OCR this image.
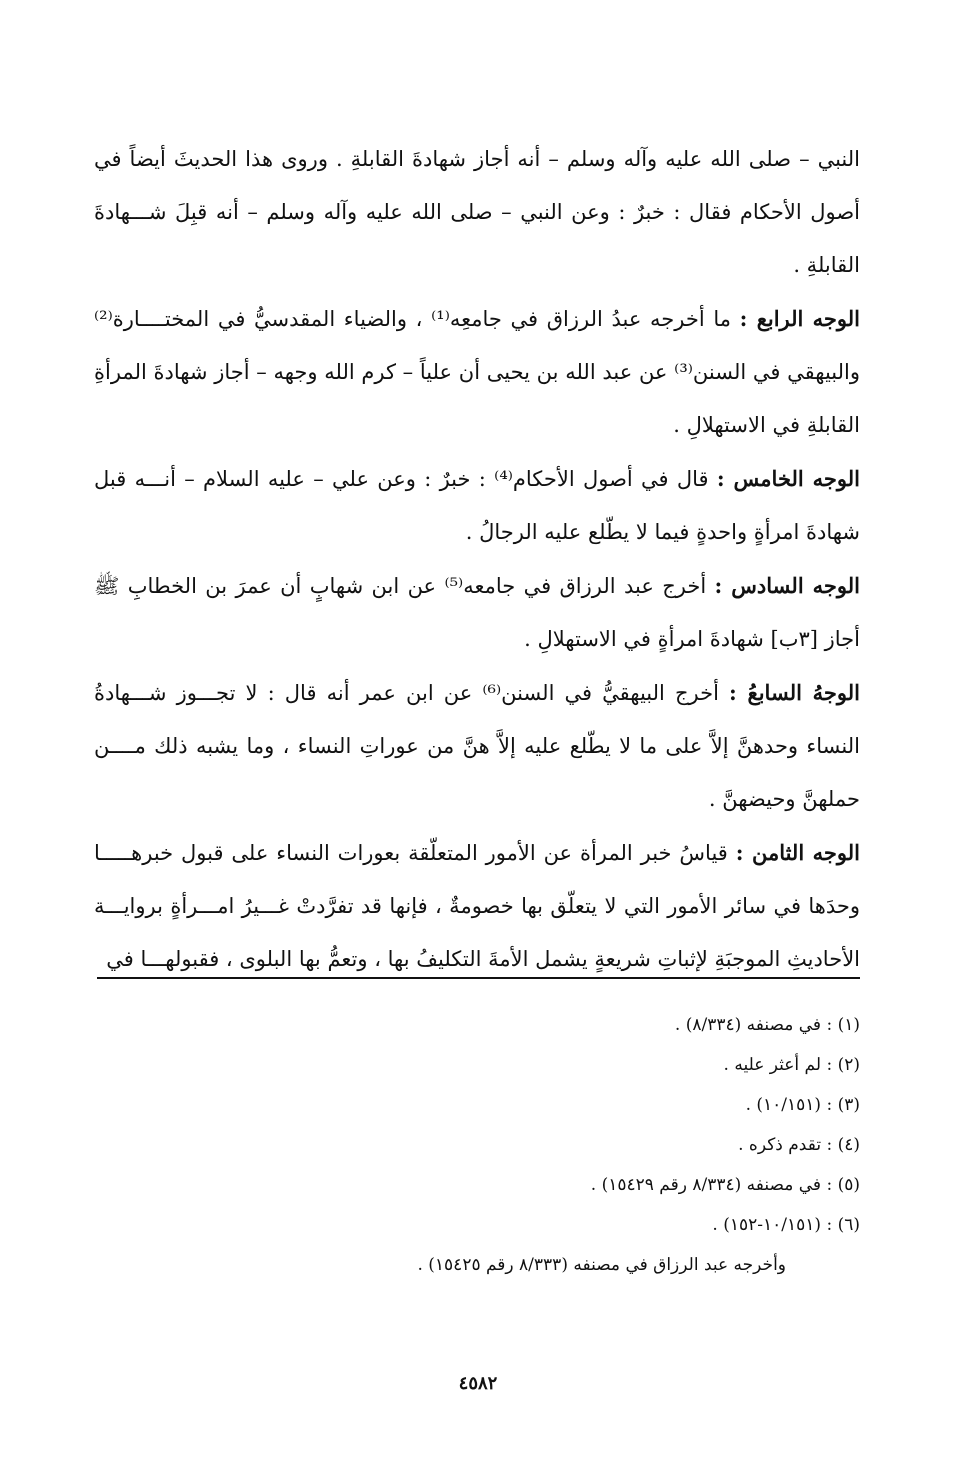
النبي – صلى الله عليه وآله وسلم – أنه أجاز شهادةَ القابلةِ . وروى هذا الحديثَ أيضاً في أصول الأحكام فقال : خبرٌ : وعن النبي – صلى الله عليه وآله وسلم – أنه قبِلَ شـــهادةَ القابلةِ .

الوجه الرابع : ما أخرجه عبدُ الرزاق في جامعِه⁽¹⁾ ، والضياء المقدسيُّ في المختــــارة⁽²⁾ والبيهقي في السنن⁽³⁾ عن عبد الله بن يحيى أن علياً – كرم الله وجهه – أجاز شهادةَ المرأةِ القابلةِ في الاستهلالِ .

الوجه الخامس : قال في أصول الأحكام⁽⁴⁾ : خبرٌ : وعن علي – عليه السلام – أنـــه قبل شهادةَ امرأةٍ واحدةٍ فيما لا يطّلع عليه الرجالُ .

الوجه السادس : أخرج عبد الرزاق في جامعه⁽⁵⁾ عن ابن شهابٍ أن عمرَ بن الخطابِ ﷺ أجاز [٣ب] شهادةَ امرأةٍ في الاستهلالِ .

الوجهُ السابعُ : أخرج البيهقيُّ في السنن⁽⁶⁾ عن ابن عمر أنه قال : لا تجـــوز شـــهادةُ النساء وحدهنَّ إلاَّ على ما لا يطّلع عليه إلاَّ هنَّ من عوراتِ النساء ، وما يشبه ذلك مــــن حملهنَّ وحيضهنَّ .

الوجه الثامن : قياسُ خبر المرأة عن الأمور المتعلّقة بعورات النساء على قبول خبرهـــــا وحدَها في سائر الأمور التي لا يتعلّق بها خصومةٌ ، فإنها قد تفرَّدتْ غـــيرُ امـــرأةٍ بروايـــة الأحاديثِ الموجبَةِ لإثباتِ شريعةٍ يشمل الأمةَ التكليفُ بها ، وتعمُّ بها البلوى ، فقبولهـــا في

(١) : في مصنفه (٨/٣٣٤) .

(٢) : لم أعثر عليه .

(٣) : (١٠/١٥١) .

(٤) : تقدم ذكره .

(٥) : في مصنفه (٨/٣٣٤ رقم ١٥٤٢٩) .

(٦) : (١٠/١٥١-١٥٢) .

وأخرجه عبد الرزاق في مصنفه (٨/٣٣٣ رقم ١٥٤٢٥) .

٤٥٨٢
